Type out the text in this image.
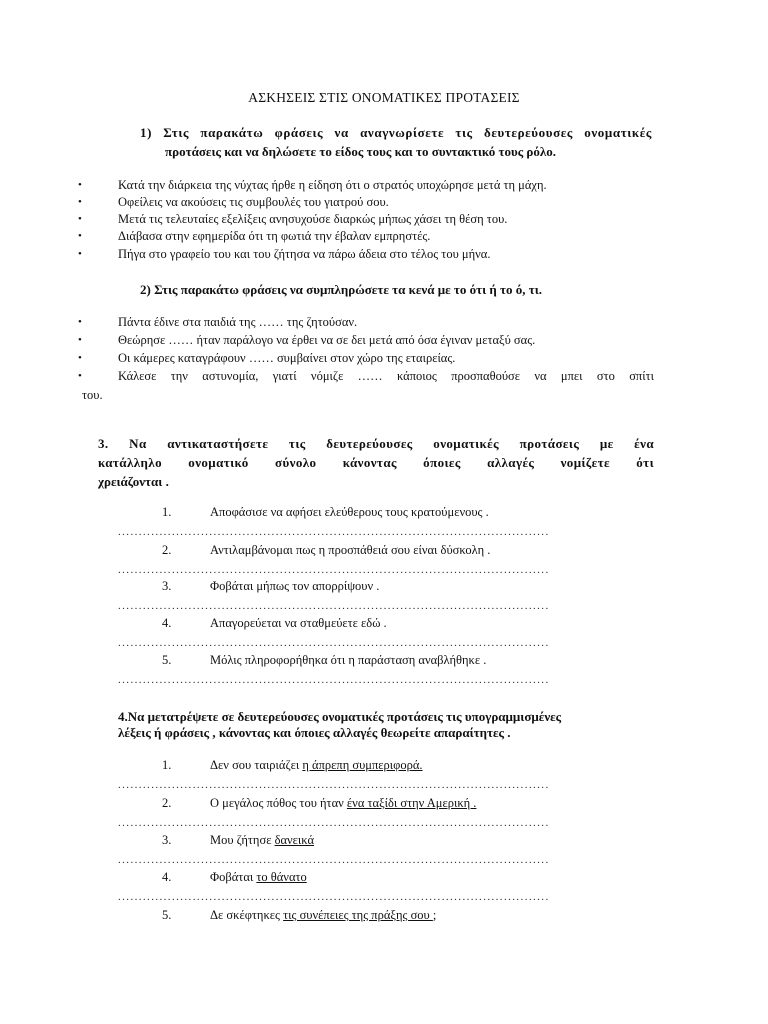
ΑΣΚΗΣΕΙΣ ΣΤΙΣ ΟΝΟΜΑΤΙΚΕΣ ΠΡΟΤΑΣΕΙΣ
1) Στις παρακάτω φράσεις να αναγνωρίσετε τις δευτερεύουσες ονοματικές
προτάσεις και να δηλώσετε το είδος τους και το συντακτικό τους ρόλο.
•	Κατά την διάρκεια της νύχτας ήρθε η είδηση ότι ο στρατός υποχώρησε μετά τη μάχη.
•	Οφείλεις να ακούσεις τις συμβουλές του γιατρού σου.
•	Μετά τις τελευταίες εξελίξεις ανησυχούσε διαρκώς μήπως χάσει τη θέση του.
•	Διάβασα στην εφημερίδα ότι τη φωτιά την έβαλαν εμπρηστές.
•	Πήγα στο γραφείο του και του ζήτησα να πάρω άδεια στο τέλος του μήνα.
2) Στις παρακάτω φράσεις να συμπληρώσετε τα κενά με το ότι ή το ό, τι.
•	Πάντα έδινε στα παιδιά της …… της ζητούσαν.
•	Θεώρησε …… ήταν παράλογο να έρθει να σε δει μετά από όσα έγιναν μεταξύ σας.
•	Οι κάμερες καταγράφουν …… συμβαίνει στον χώρο της εταιρείας.
•	Κάλεσε την αστυνομία, γιατί νόμιζε …… κάποιος προσπαθούσε να μπει στο σπίτι
του.
3. Να αντικαταστήσετε τις δευτερεύουσες ονοματικές προτάσεις με ένα
κατάλληλο ονοματικό σύνολο κάνοντας όποιες αλλαγές νομίζετε ότι
χρειάζονται .
1.	Αποφάσισε να αφήσει ελεύθερους τους κρατούμενους .
........................................................................................................
2.	Αντιλαμβάνομαι πως η προσπάθειά σου είναι δύσκολη .
........................................................................................................
3.	Φοβάται μήπως τον απορρίψουν .
........................................................................................................
4.	Απαγορεύεται να σταθμεύετε εδώ .
........................................................................................................
5.	Μόλις πληροφορήθηκα ότι η παράσταση αναβλήθηκε .
........................................................................................................
4.Να μετατρέψετε σε δευτερεύουσες ονοματικές προτάσεις τις υπογραμμισμένες
λέξεις ή φράσεις , κάνοντας και όποιες αλλαγές θεωρείτε απαραίτητες .
1.	Δεν σου ταιριάζει η άπρεπη συμπεριφορά.
........................................................................................................
2.	Ο μεγάλος πόθος του ήταν ένα ταξίδι στην Αμερική .
........................................................................................................
3.	Μου ζήτησε δανεικά
........................................................................................................
4.	Φοβάται το θάνατο
........................................................................................................
5.	Δε σκέφτηκες τις συνέπειες της πράξης σου ;
